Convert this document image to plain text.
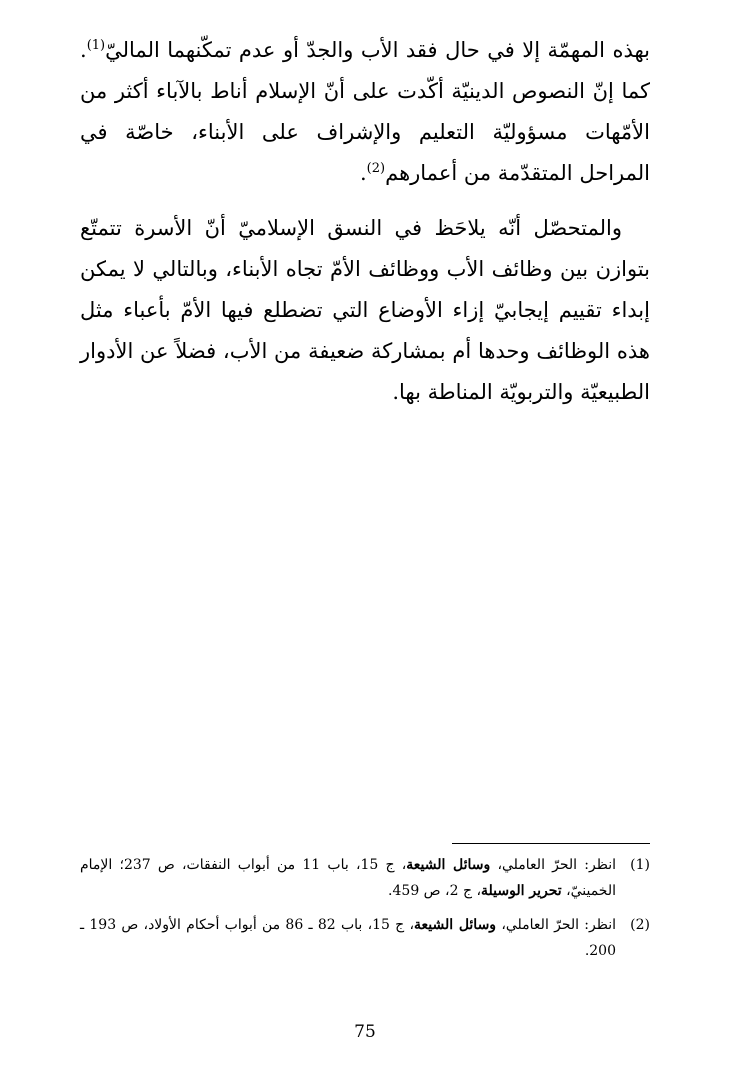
بهذه المهمّة إلا في حال فقد الأب والجدّ أو عدم تمكّنهما الماليّ$^{(1)}$. كما إنّ النصوص الدينيّة أكّدت على أنّ الإسلام أناط بالآباء أكثر من الأمّهات مسؤوليّة التعليم والإشراف على الأبناء، خاصّة في المراحل المتقدّمة من أعمارهم$^{(2)}$.

والمتحصّل أنّه يلاحَظ في النسق الإسلاميّ أنّ الأسرة تتمتّع بتوازن بين وظائف الأب ووظائف الأمّ تجاه الأبناء، وبالتالي لا يمكن إبداء تقييم إيجابيّ إزاء الأوضاع التي تضطلع فيها الأمّ بأعباء مثل هذه الوظائف وحدها أم بمشاركة ضعيفة من الأب، فضلاً عن الأدوار الطبيعيّة والتربويّة المناطة بها.

(1)
انظر: الحرّ العاملي، وسائل الشيعة، ج 15، باب 11 من أبواب النفقات، ص 237؛ الإمام الخمينيّ، تحرير الوسيلة، ج 2، ص 459.
(2)
انظر: الحرّ العاملي، وسائل الشيعة، ج 15، باب 82 ـ 86 من أبواب أحكام الأولاد، ص 193 ـ 200.
75
